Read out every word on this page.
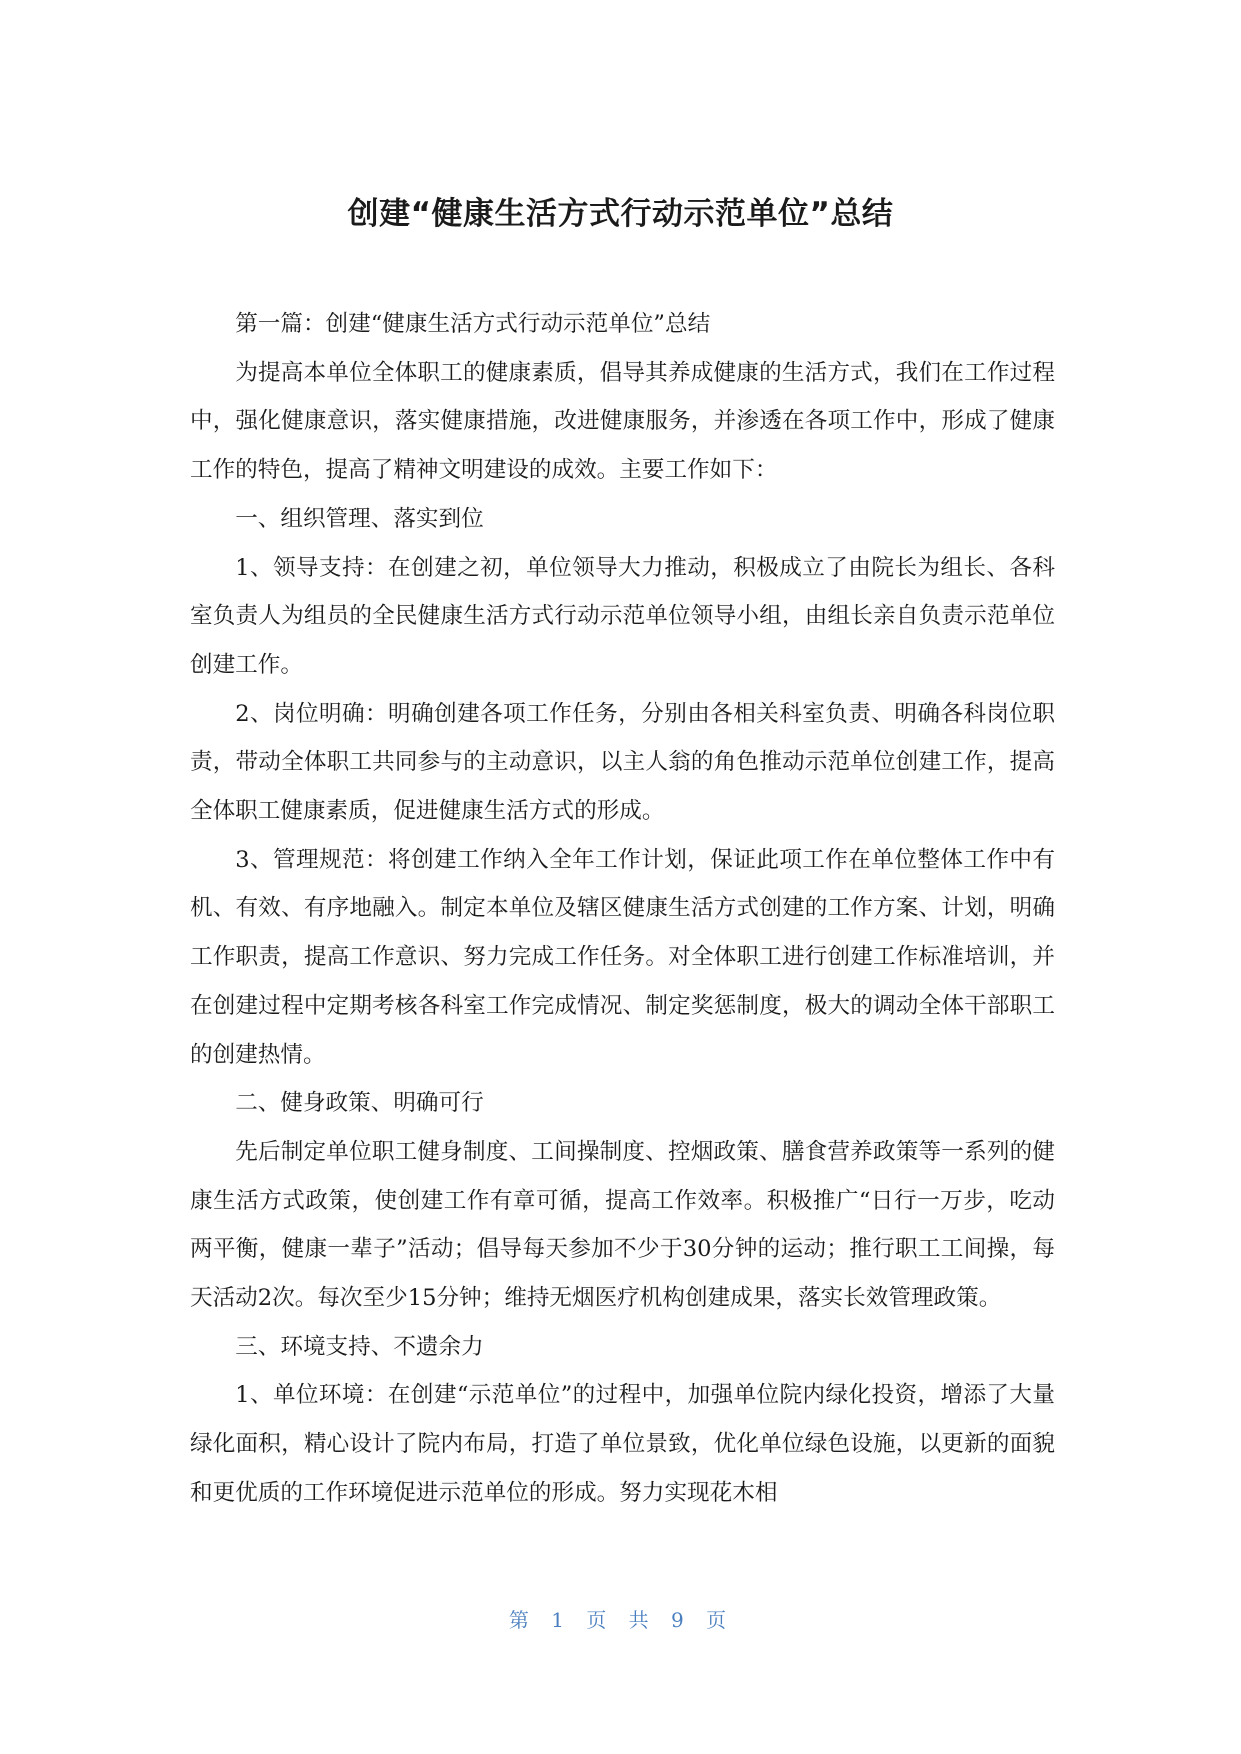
创建“健康生活方式行动示范单位”总结

第一篇：创建“健康生活方式行动示范单位”总结

为提高本单位全体职工的健康素质，倡导其养成健康的生活方式，我们在工作过程中，强化健康意识，落实健康措施，改进健康服务，并渗透在各项工作中，形成了健康工作的特色，提高了精神文明建设的成效。主要工作如下：

一、组织管理、落实到位

1、领导支持：在创建之初，单位领导大力推动，积极成立了由院长为组长、各科室负责人为组员的全民健康生活方式行动示范单位领导小组，由组长亲自负责示范单位创建工作。

2、岗位明确：明确创建各项工作任务，分别由各相关科室负责、明确各科岗位职责，带动全体职工共同参与的主动意识，以主人翁的角色推动示范单位创建工作，提高全体职工健康素质，促进健康生活方式的形成。

3、管理规范：将创建工作纳入全年工作计划，保证此项工作在单位整体工作中有机、有效、有序地融入。制定本单位及辖区健康生活方式创建的工作方案、计划，明确工作职责，提高工作意识、努力完成工作任务。对全体职工进行创建工作标准培训，并在创建过程中定期考核各科室工作完成情况、制定奖惩制度，极大的调动全体干部职工的创建热情。

二、健身政策、明确可行

先后制定单位职工健身制度、工间操制度、控烟政策、膳食营养政策等一系列的健康生活方式政策，使创建工作有章可循，提高工作效率。积极推广“日行一万步，吃动两平衡，健康一辈子”活动；倡导每天参加不少于30分钟的运动；推行职工工间操，每天活动2次。每次至少15分钟；维持无烟医疗机构创建成果，落实长效管理政策。

三、环境支持、不遗余力

1、单位环境：在创建“示范单位”的过程中，加强单位院内绿化投资，增添了大量绿化面积，精心设计了院内布局，打造了单位景致，优化单位绿色设施，以更新的面貌和更优质的工作环境促进示范单位的形成。努力实现花木相

第 1 页 共 9 页
